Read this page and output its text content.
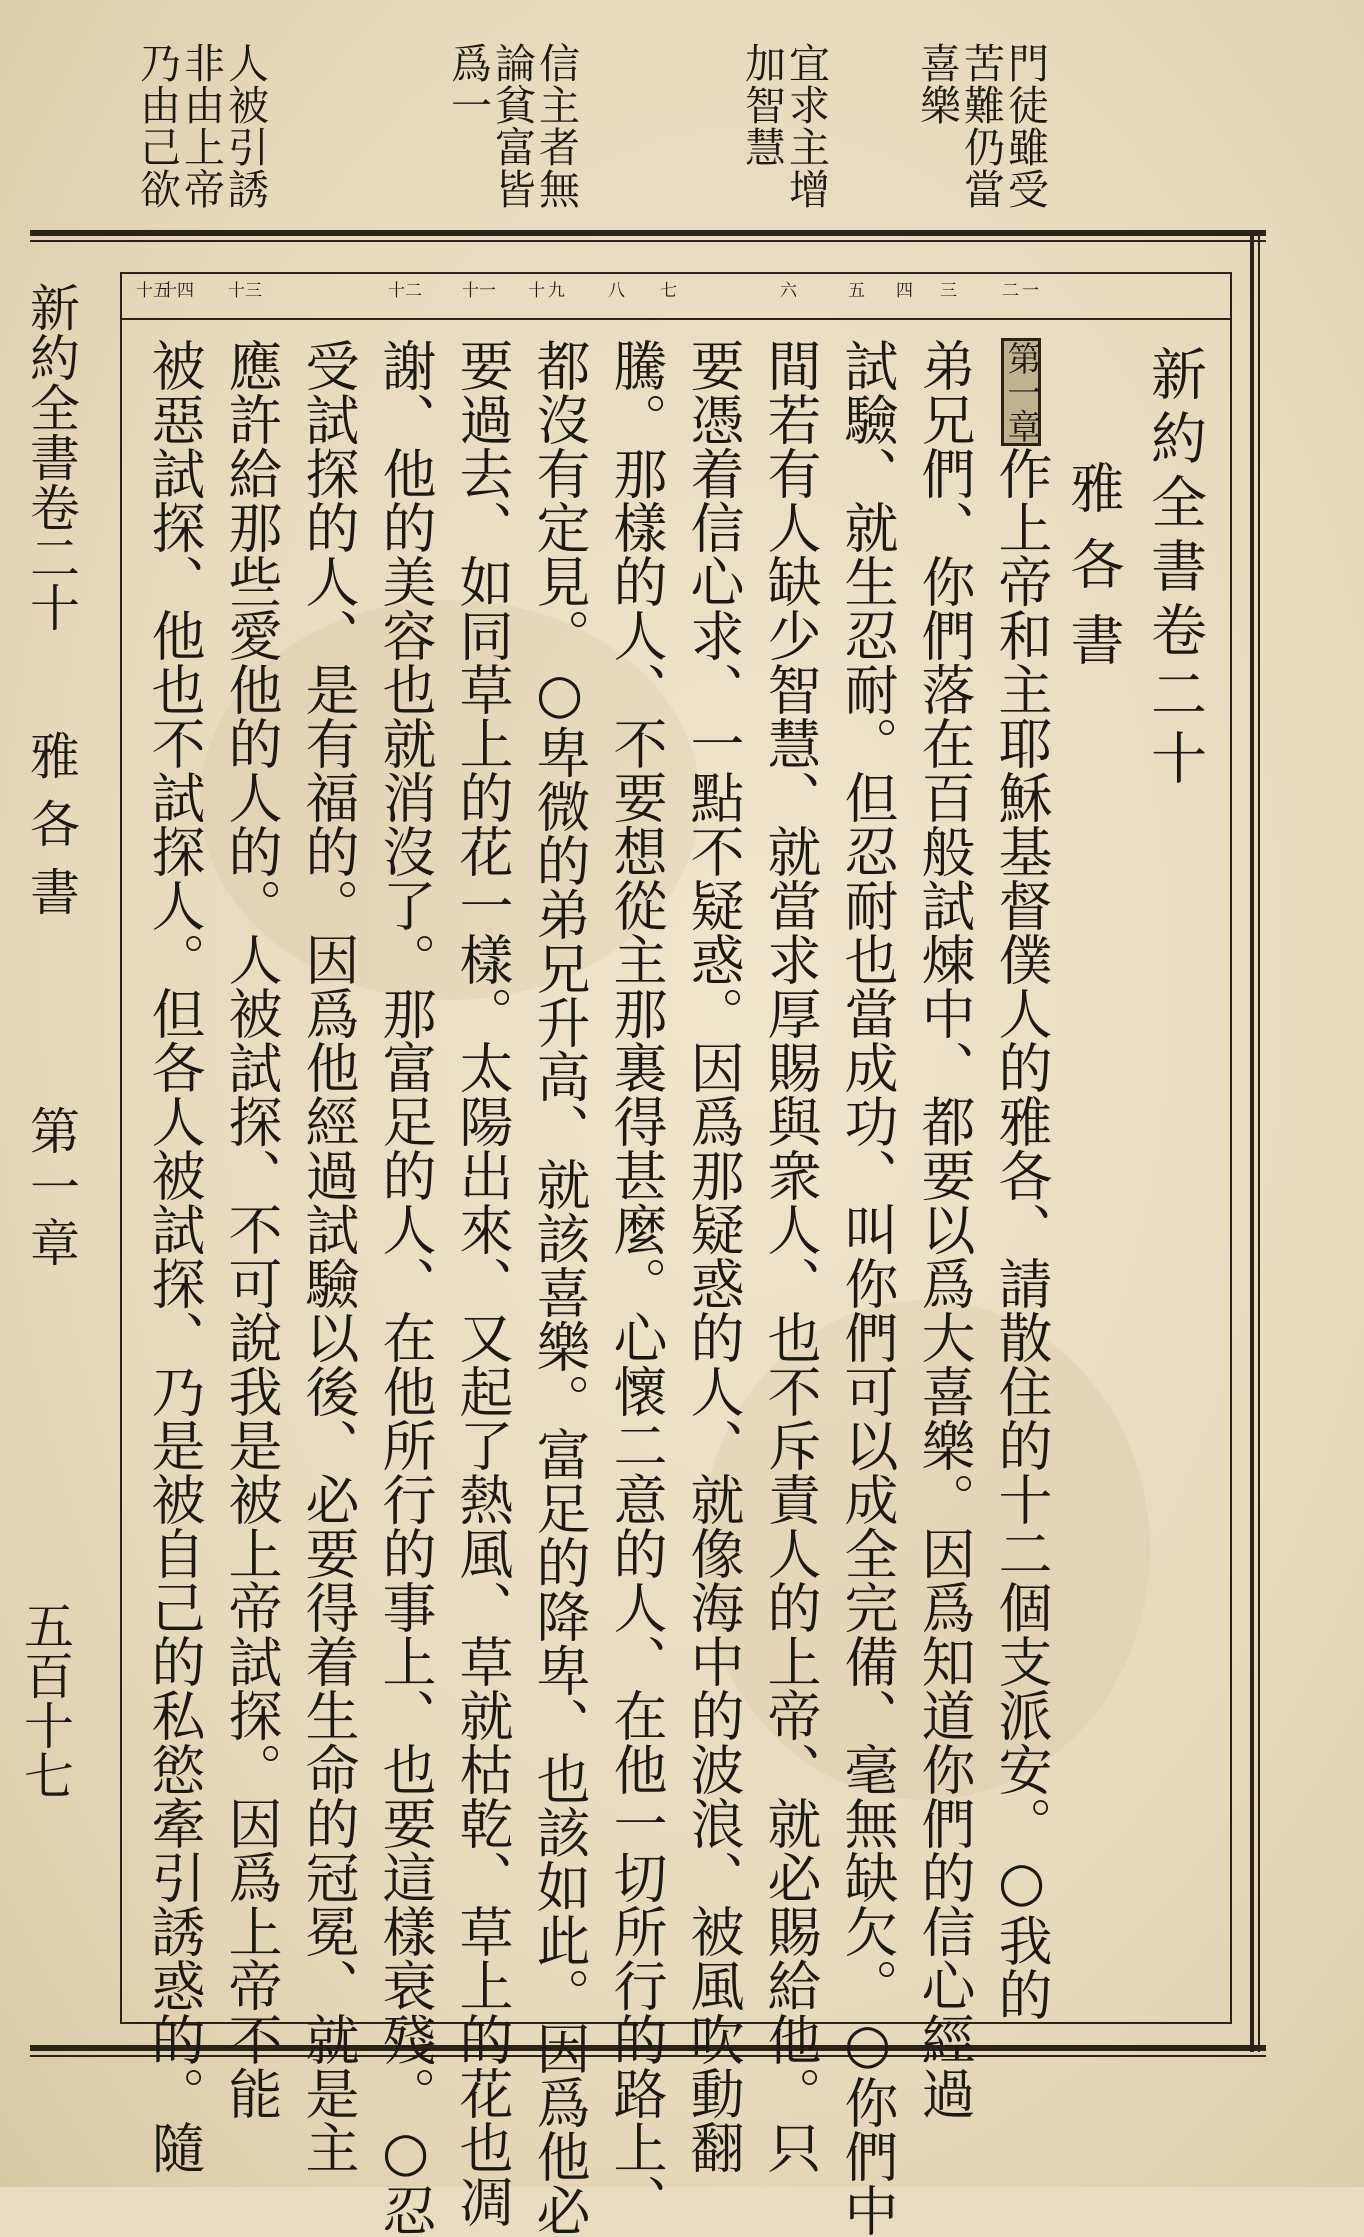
門徒雖受
苦難仍當
喜樂
宜求主增
加智慧
信主者無
論貧富皆
爲一
人被引誘
非由上帝
乃由己欲
一
二
三
四
五
六
七
八
九
十
十一
十二
十三
十四
十五
新約全書卷二十
雅各書
第一章作上帝和主耶穌基督僕人的雅各、請散住的十二個支派安。○我的
弟兄們、你們落在百般試煉中、都要以爲大喜樂。因爲知道你們的信心經過
試驗、就生忍耐。但忍耐也當成功、叫你們可以成全完備、毫無缺欠。○你們中
間若有人缺少智慧、就當求厚賜與衆人、也不斥責人的上帝、就必賜給他。只
要憑着信心求、一點不疑惑。因爲那疑惑的人、就像海中的波浪、被風吹動翻
騰。那樣的人、不要想從主那裏得甚麼。心懷二意的人、在他一切所行的路上、
都沒有定見。○卑微的弟兄升高、就該喜樂。富足的降卑、也該如此。因爲他必
要過去、如同草上的花一樣。太陽出來、又起了熱風、草就枯乾、草上的花也凋
謝、他的美容也就消沒了。那富足的人、在他所行的事上、也要這樣衰殘。○忍
受試探的人、是有福的。因爲他經過試驗以後、必要得着生命的冠冕、就是主
應許給那些愛他的人的。人被試探、不可說我是被上帝試探。因爲上帝不能
被惡試探、他也不試探人。但各人被試探、乃是被自己的私慾牽引誘惑的。隨
新約全書卷二十
雅各書
第一章
五百十七
